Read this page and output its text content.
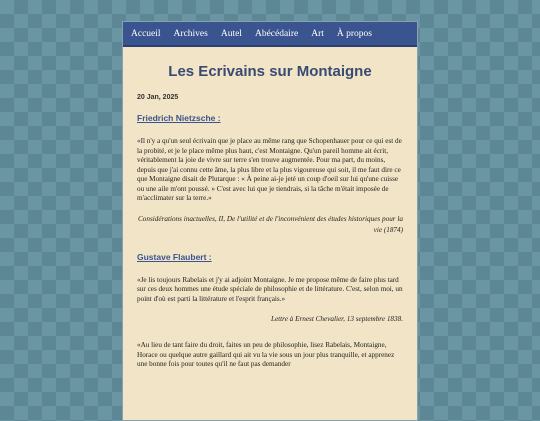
Accueil Archives Autel Abécédaire Art À propos
Les Ecrivains sur Montaigne
20 Jan, 2025
Friedrich Nietzsche :

«Il n'y a qu'un seul écrivain que je place au même rang que Schopenhauer pour ce qui est de la probité, et je le place même plus haut, c'est Montaigne. Qu'un pareil homme ait écrit, véritablement la joie de vivre sur terre s'en trouve augmentée. Pour ma part, du moins, depuis que j'ai connu cette âme, la plus libre et la plus vigoureuse qui soit, il me faut dire ce que Montaigne disait de Plutarque : « À peine ai-je jeté un coup d'oeil sur lui qu'une cuisse ou une aile m'ont poussé. » C'est avec lui que je tiendrais, si la tâche m'était imposée de m'acclimater sur la terre.»

Considérations inactuelles, II, De l'utilité et de l'inconvénient des études historiques pour la vie (1874)

Gustave Flaubert :

«Je lis toujours Rabelais et j'y ai adjoint Montaigne. Je me propose même de faire plus tard sur ces deux hommes une étude spéciale de philosophie et de littérature. C'est, selon moi, un point d'où est parti la littérature et l'esprit français.»

Lettre à Ernest Chevalier, 13 septembre 1838.

«Au lieu de tant faire du droit, faites un peu de philosophie, lisez Rabelais, Montaigne, Horace ou quelque autre gaillard qui ait vu la vie sous un jour plus tranquille, et apprenez une bonne fois pour toutes qu'il ne faut pas demander
